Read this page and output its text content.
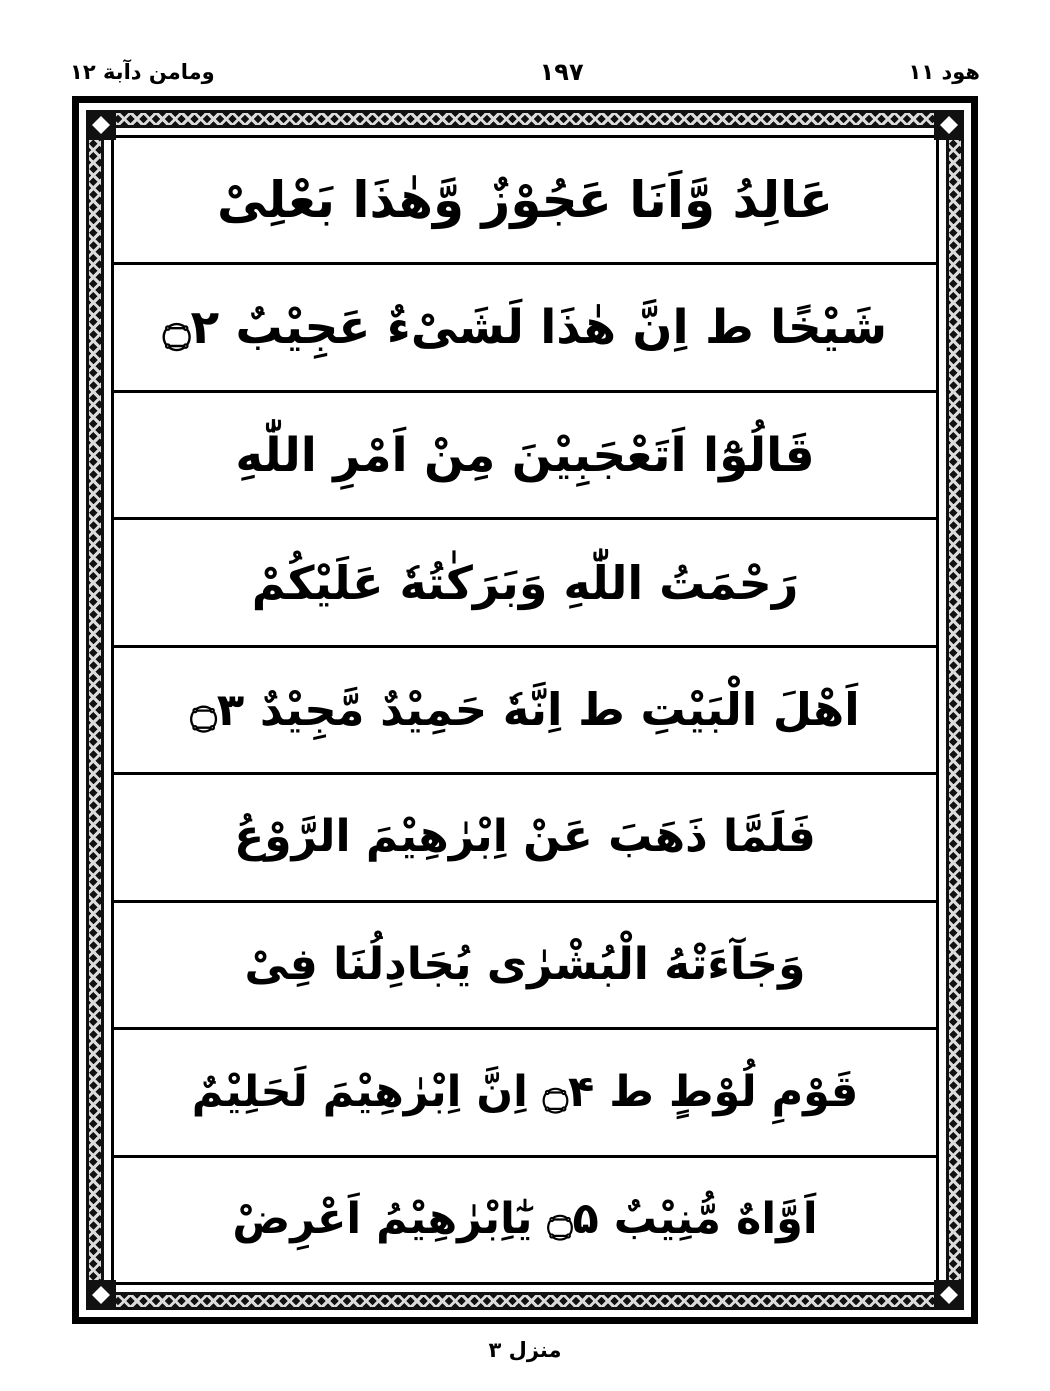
هود ۱۱
۱۹۷
ومامن دآبة ۱۲
عَالِدُ وَّاَنَا عَجُوْزٌ وَّهٰذَا بَعْلِىْ
شَيْخًا ط اِنَّ هٰذَا لَشَىْءٌ عَجِيْبٌ ۝۲
قَالُوْٓا اَتَعْجَبِيْنَ مِنْ اَمْرِ اللّٰهِ
رَحْمَتُ اللّٰهِ وَبَرَكٰتُهٗ عَلَيْكُمْ
اَهْلَ الْبَيْتِ ط اِنَّهٗ حَمِيْدٌ مَّجِيْدٌ ۝۳
فَلَمَّا ذَهَبَ عَنْ اِبْرٰهِيْمَ الرَّوْعُ
وَجَآءَتْهُ الْبُشْرٰى يُجَادِلُنَا فِىْ
قَوْمِ لُوْطٍ ط ۝۴ اِنَّ اِبْرٰهِيْمَ لَحَلِيْمٌ
اَوَّاهٌ مُّنِيْبٌ ۝۵ يٰٓاِبْرٰهِيْمُ اَعْرِضْ
منزل ۳
